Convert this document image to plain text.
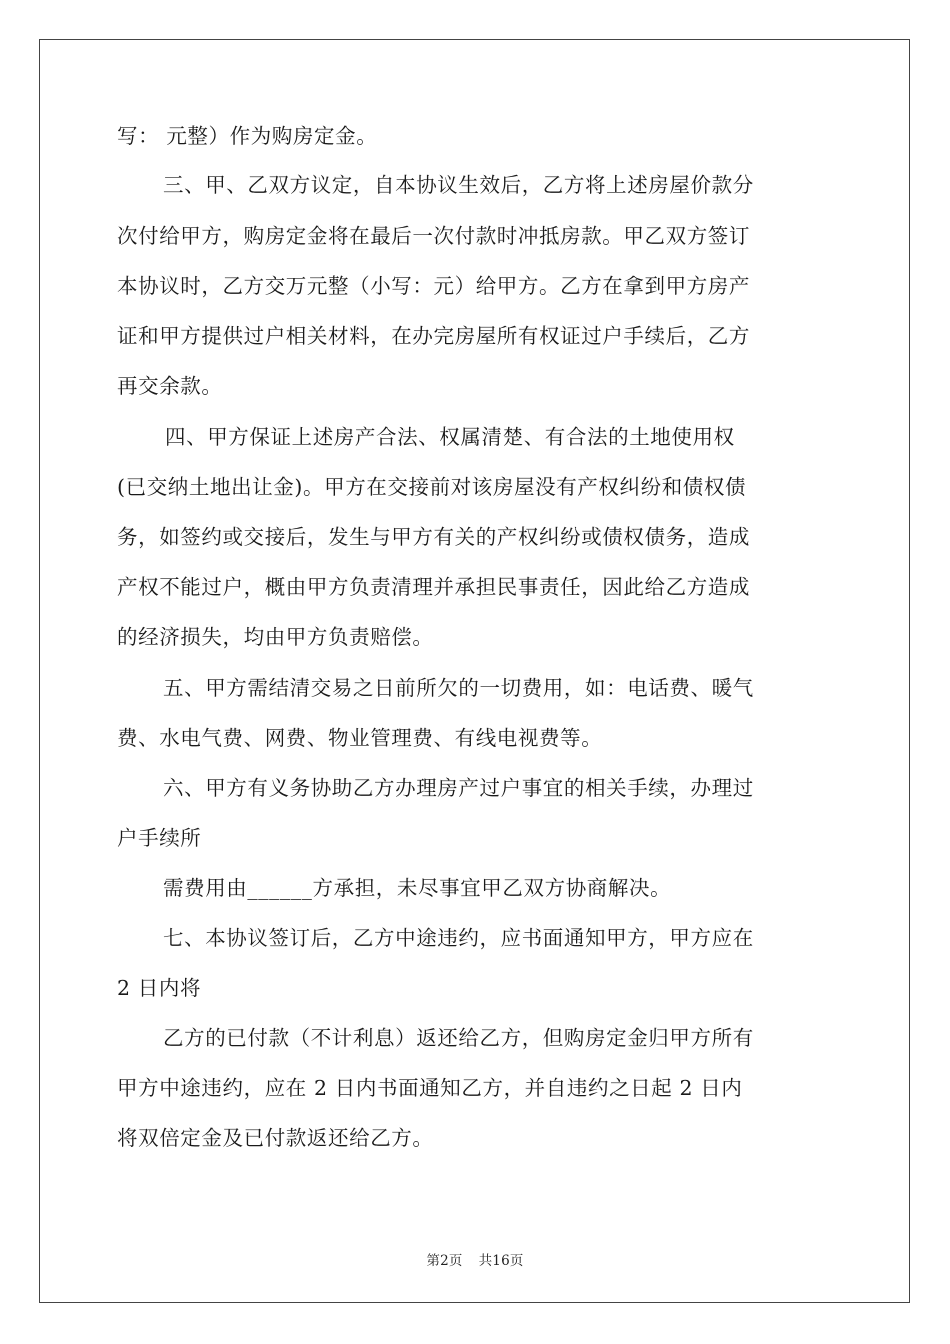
写： 元整）作为购房定金。
三、甲、乙双方议定，自本协议生效后，乙方将上述房屋价款分
次付给甲方，购房定金将在最后一次付款时冲抵房款。甲乙双方签订
本协议时，乙方交万元整（小写：元）给甲方。乙方在拿到甲方房产
证和甲方提供过户相关材料，在办完房屋所有权证过户手续后，乙方
再交余款。
四、甲方保证上述房产合法、权属清楚、有合法的土地使用权
(已交纳土地出让金)。甲方在交接前对该房屋没有产权纠纷和债权债
务，如签约或交接后，发生与甲方有关的产权纠纷或债权债务，造成
产权不能过户，概由甲方负责清理并承担民事责任，因此给乙方造成
的经济损失，均由甲方负责赔偿。
五、甲方需结清交易之日前所欠的一切费用，如：电话费、暖气
费、水电气费、网费、物业管理费、有线电视费等。
六、甲方有义务协助乙方办理房产过户事宜的相关手续，办理过
户手续所
需费用由______方承担，未尽事宜甲乙双方协商解决。
七、本协议签订后，乙方中途违约，应书面通知甲方，甲方应在
2 日内将
乙方的已付款（不计利息）返还给乙方，但购房定金归甲方所有
甲方中途违约，应在 2 日内书面通知乙方，并自违约之日起 2 日内
将双倍定金及已付款返还给乙方。
第2页 共16页
